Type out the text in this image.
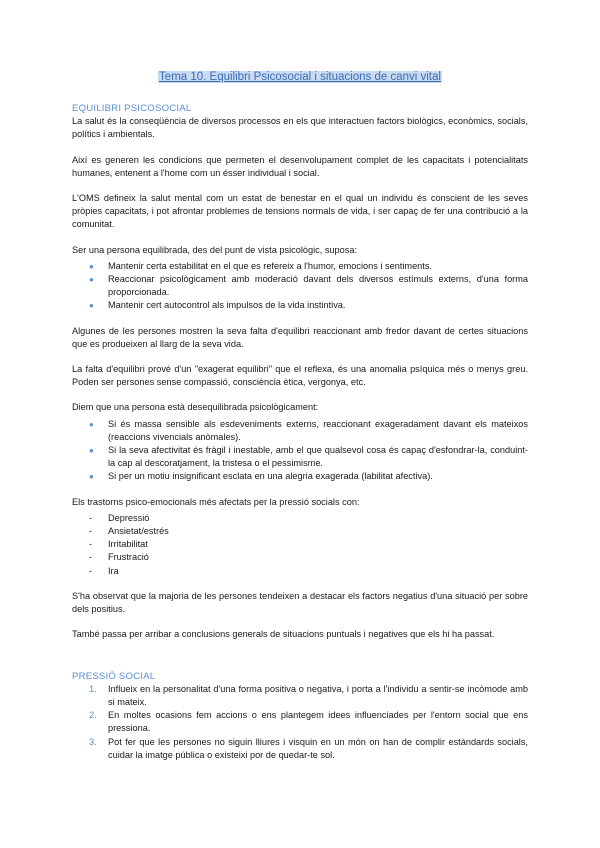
Tema 10. Equilibri Psicosocial i situacions de canvi vital
EQUILIBRI PSICOSOCIAL

La salut és la conseqüència de diversos processos en els que interactuen factors biològics, econòmics, socials, polítics i ambientals.

Així es generen les condicions que permeten el desenvolupament complet de les capacitats i potencialitats humanes, entenent a l'home com un ésser individual i social.

L'OMS defineix la salut mental com un estat de benestar en el qual un individu és conscient de les seves pròpies capacitats, i pot afrontar problemes de tensions normals de vida, i ser capaç de fer una contribució a la comunitat.

Ser una persona equilibrada, des del punt de vista psicològic, suposa:

● Mantenir certa estabilitat en el que es refereix a l'humor, emocions i sentiments.
● Reaccionar psicològicament amb moderació davant dels diversos estímuls externs, d'una forma proporcionada.
● Mantenir cert autocontrol als impulsos de la vida instintiva.

Algunes de les persones mostren la seva falta d'equilibri reaccionant amb fredor davant de certes situacions que es produeixen al llarg de la seva vida.

La falta d'equilibri prové d'un "exagerat equilibri" que el reflexa, és una anomalia psíquica més o menys greu. Poden ser persones sense compassió, consciència ètica, vergonya, etc.

Diem que una persona està desequilibrada psicològicament:

● Si és massa sensible als esdeveniments externs, reaccionant exageradament davant els mateixos (reaccions vivencials anòmales).
● Si la seva afectivitat és fràgil i inestable, amb el que qualsevol cosa és capaç d'esfondrar-la, conduint-la cap al descoratjament, la tristesa o el pessimisme.
● Si per un motiu insignificant esclata en una alegria exagerada (labilitat afectiva).

Els trastorns psico-emocionals més afectats per la pressió socials con:

- Depressió
- Ansietat/estrés
- Irritabilitat
- Frustració
- Ira

S'ha observat que la majoria de les persones tendeixen a destacar els factors negatius d'una situació per sobre dels positius.

També passa per arribar a conclusions generals de situacions puntuals i negatives que els hi ha passat.

PRESSIÓ SOCIAL
1. Influeix en la personalitat d'una forma positiva o negativa, i porta a l'individu a sentir-se incòmode amb si mateix.
2. En moltes ocasions fem accions o ens plantegem idees influenciades per l'entorn social que ens pressiona.
3. Pot fer que les persones no siguin lliures i visquin en un món on han de complir estàndards socials, cuidar la imatge pública o existeixi por de quedar-te sol.
